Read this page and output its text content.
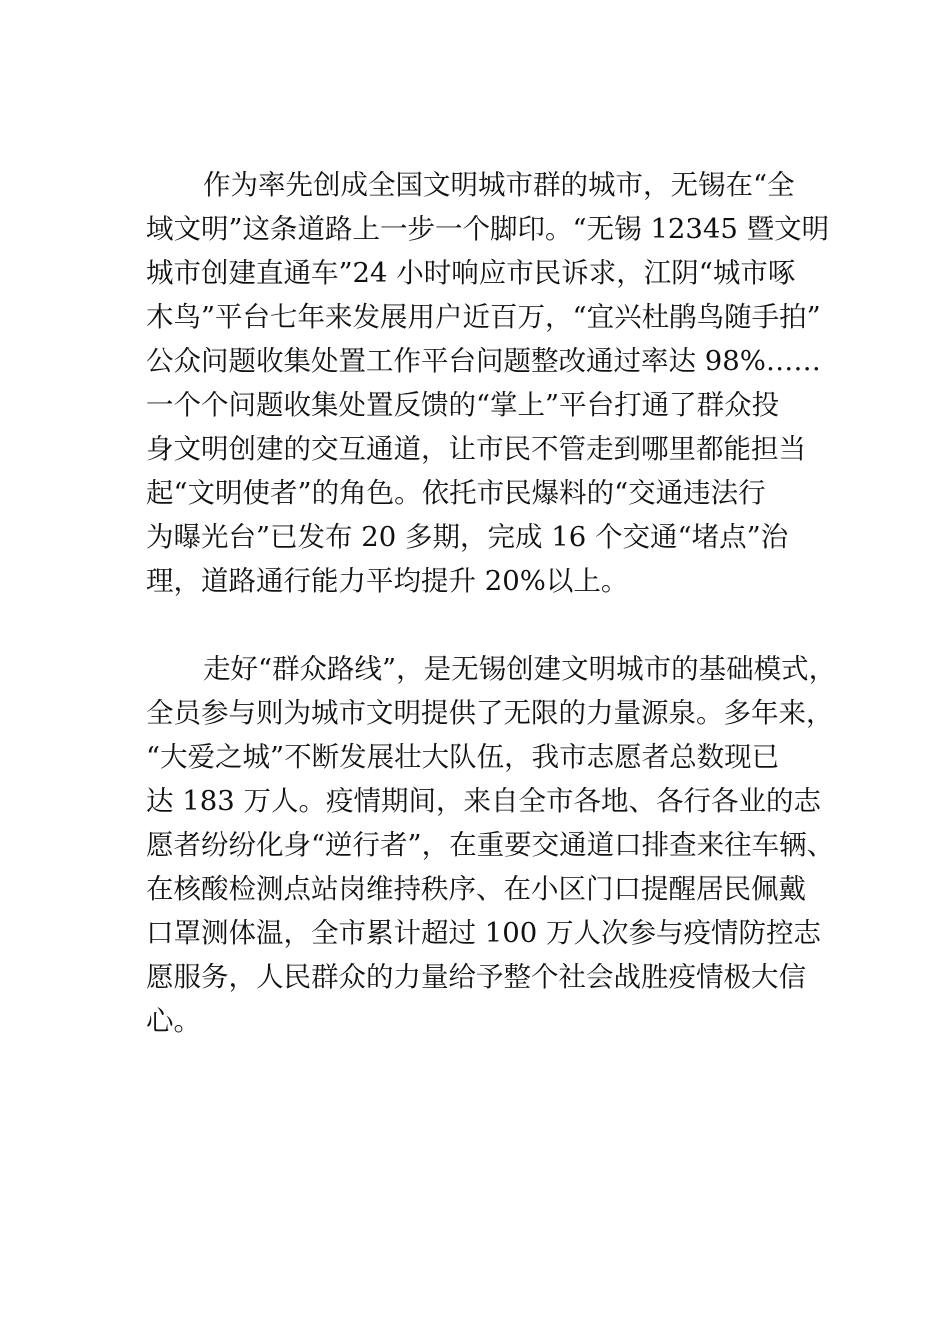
作为率先创成全国文明城市群的城市，无锡在“全
域文明”这条道路上一步一个脚印。“无锡 12345 暨文明
城市创建直通车”24 小时响应市民诉求，江阴“城市啄
木鸟”平台七年来发展用户近百万，“宜兴杜鹃鸟随手拍”
公众问题收集处置工作平台问题整改通过率达 98%……
一个个问题收集处置反馈的“掌上”平台打通了群众投
身文明创建的交互通道，让市民不管走到哪里都能担当
起“文明使者”的角色。依托市民爆料的“交通违法行
为曝光台”已发布 20 多期，完成 16 个交通“堵点”治
理，道路通行能力平均提升 20%以上。
走好“群众路线”，是无锡创建文明城市的基础模式，
全员参与则为城市文明提供了无限的力量源泉。多年来，
“大爱之城”不断发展壮大队伍，我市志愿者总数现已
达 183 万人。疫情期间，来自全市各地、各行各业的志
愿者纷纷化身“逆行者”，在重要交通道口排查来往车辆、
在核酸检测点站岗维持秩序、在小区门口提醒居民佩戴
口罩测体温，全市累计超过 100 万人次参与疫情防控志
愿服务，人民群众的力量给予整个社会战胜疫情极大信
心。
